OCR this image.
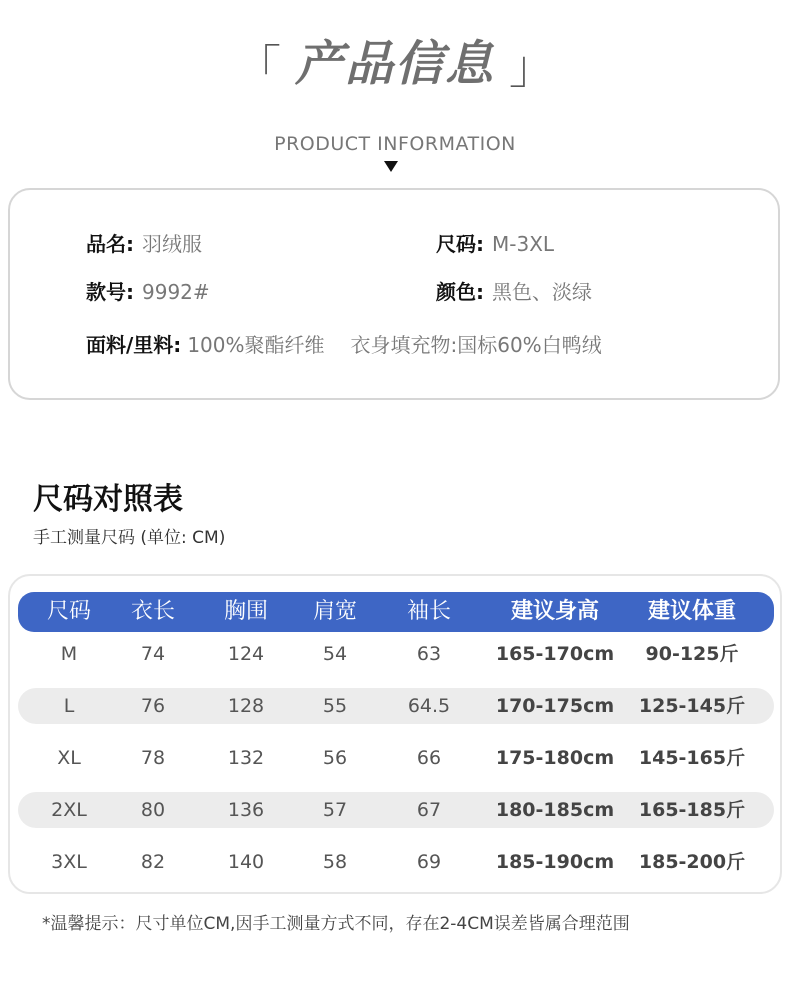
「 产品信息 」
PRODUCT INFORMATION
品名: 羽绒服	尺码: M-3XL
款号: 9992#	颜色: 黑色、淡绿
面料/里料: 100%聚酯纤维 衣身填充物:国标60%白鸭绒
尺码对照表
手工测量尺码 (单位: CM)
尺码 衣长 胸围 肩宽 袖长	建议身高 建议体重
M	74	124	54	63	165-170cm 90-125斤
L	76	128	55	64.5 170-175cm 125-145斤
XL	78	132	56	66	175-180cm 145-165斤
2XL	80	136	57	67	180-185cm 165-185斤
3XL	82	140	58	69	185-190cm 185-200斤
*温馨提示：尺寸单位CM,因手工测量方式不同，存在2-4CM误差皆属合理范围
